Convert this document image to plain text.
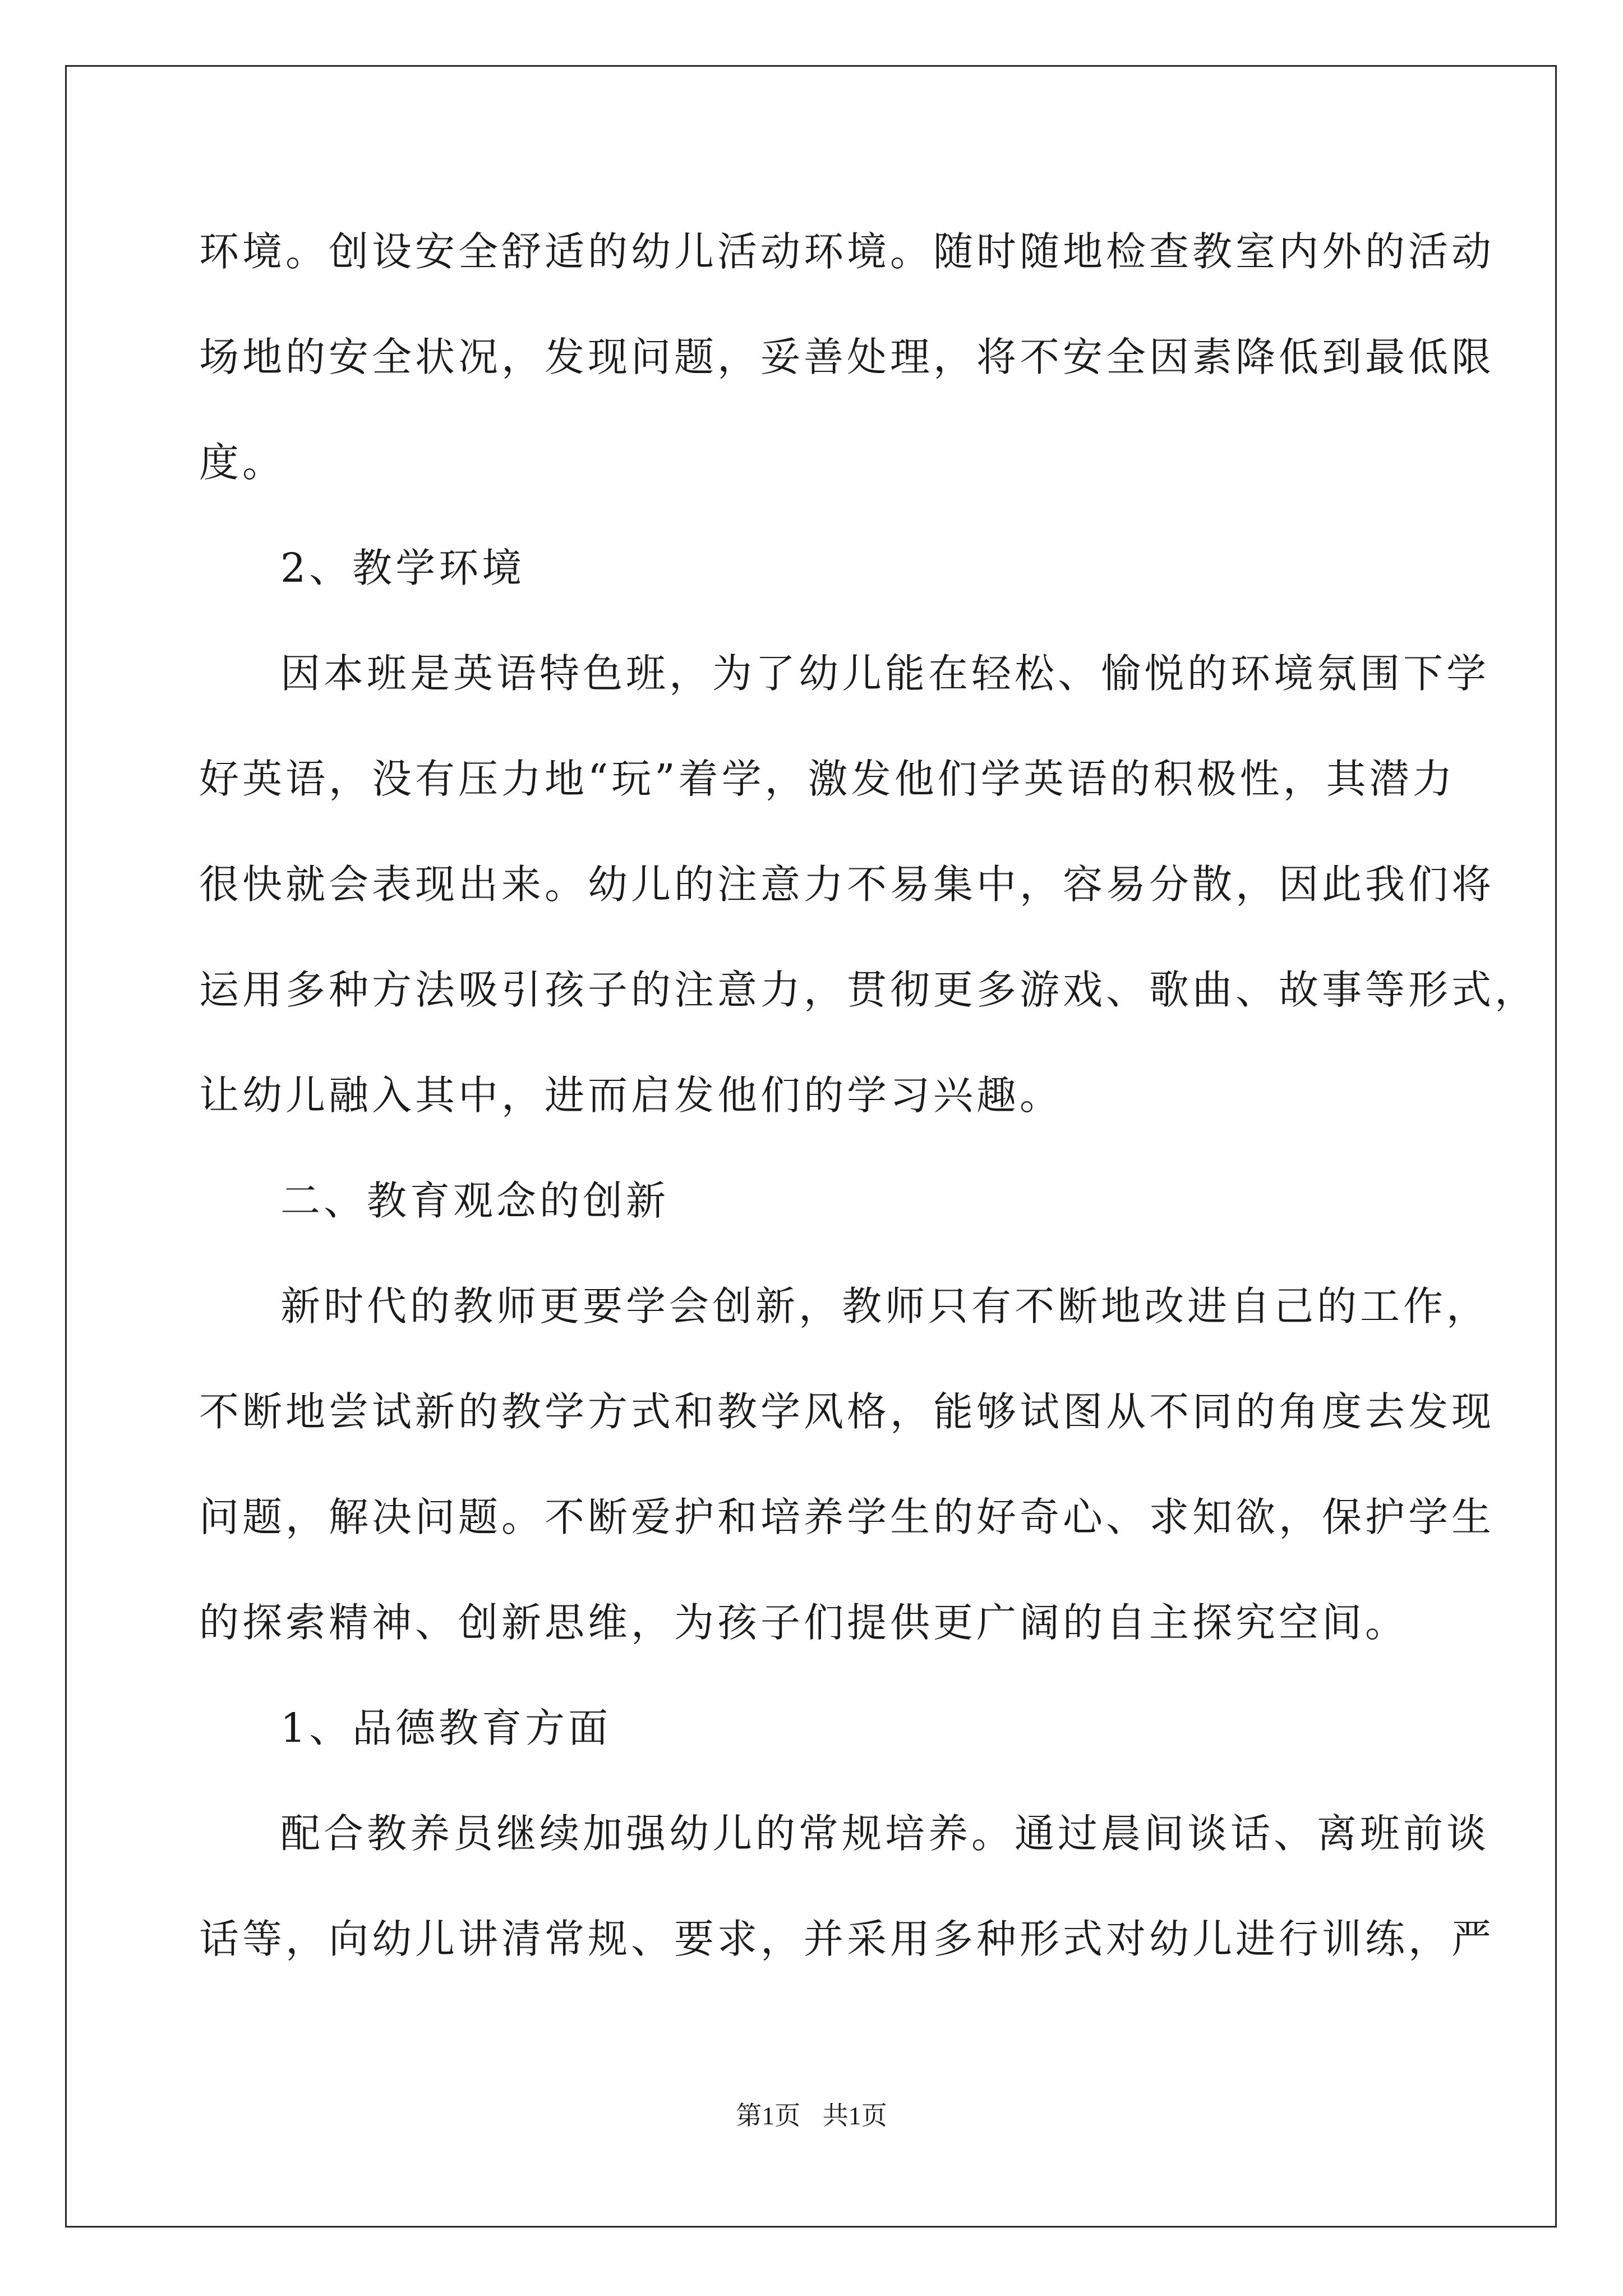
环境。创设安全舒适的幼儿活动环境。随时随地检查教室内外的活动
场地的安全状况，发现问题，妥善处理，将不安全因素降低到最低限
度。
2、教学环境
因本班是英语特色班，为了幼儿能在轻松、愉悦的环境氛围下学
好英语，没有压力地“玩”着学，激发他们学英语的积极性，其潜力
很快就会表现出来。幼儿的注意力不易集中，容易分散，因此我们将
运用多种方法吸引孩子的注意力，贯彻更多游戏、歌曲、故事等形式，
让幼儿融入其中，进而启发他们的学习兴趣。
二、教育观念的创新
新时代的教师更要学会创新，教师只有不断地改进自己的工作，
不断地尝试新的教学方式和教学风格，能够试图从不同的角度去发现
问题，解决问题。不断爱护和培养学生的好奇心、求知欲，保护学生
的探索精神、创新思维，为孩子们提供更广阔的自主探究空间。
1、品德教育方面
配合教养员继续加强幼儿的常规培养。通过晨间谈话、离班前谈
话等，向幼儿讲清常规、要求，并采用多种形式对幼儿进行训练，严
第1页 共1页
